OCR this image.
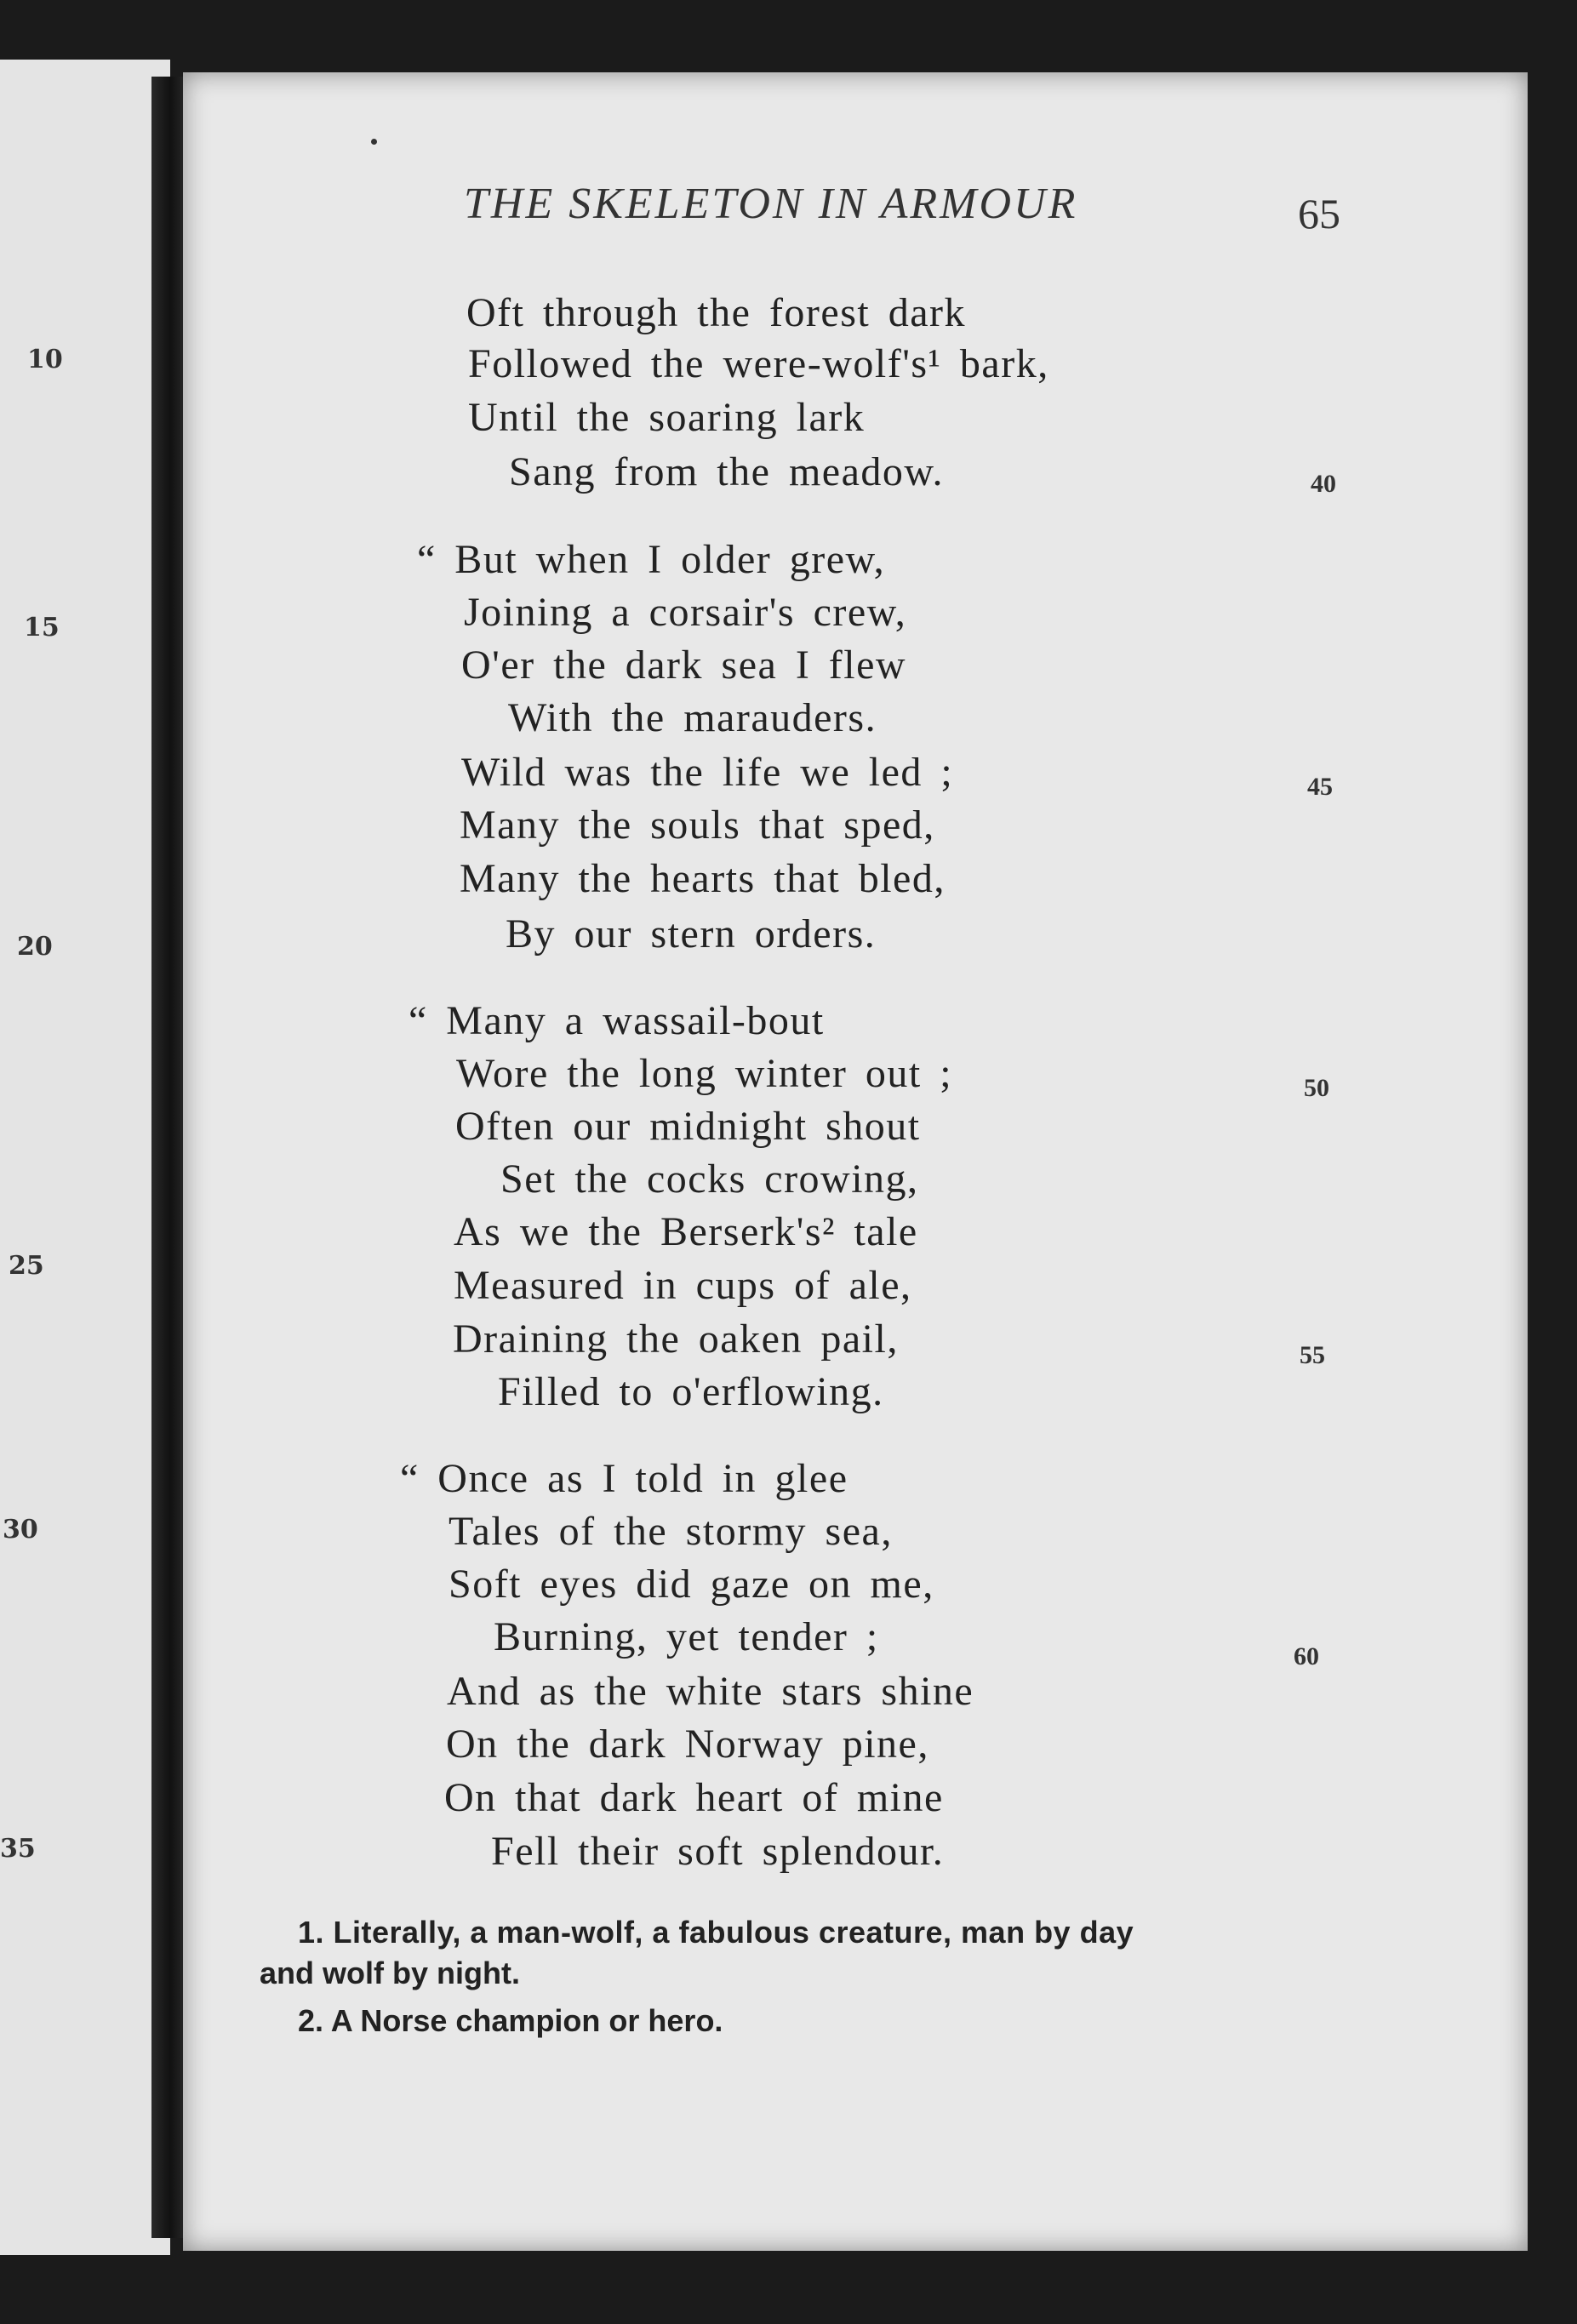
10
15
20
25
30
35
THE SKELETON IN ARMOUR	65
Oft through the forest dark
Followed the were-wolf's¹ bark,
Until the soaring lark
Sang from the meadow.
“ But when I older grew,
Joining a corsair's crew,
O'er the dark sea I flew
With the marauders.
Wild was the life we led ;
Many the souls that sped,
Many the hearts that bled,
By our stern orders.
“ Many a wassail-bout
Wore the long winter out ;
Often our midnight shout
Set the cocks crowing,
As we the Berserk's² tale
Measured in cups of ale,
Draining the oaken pail,
Filled to o'erflowing.
“ Once as I told in glee
Tales of the stormy sea,
Soft eyes did gaze on me,
Burning, yet tender ;
And as the white stars shine
On the dark Norway pine,
On that dark heart of mine
Fell their soft splendour.
40
45
50
55
60
1. Literally, a man-wolf, a fabulous creature, man by day
and wolf by night.
2. A Norse champion or hero.
